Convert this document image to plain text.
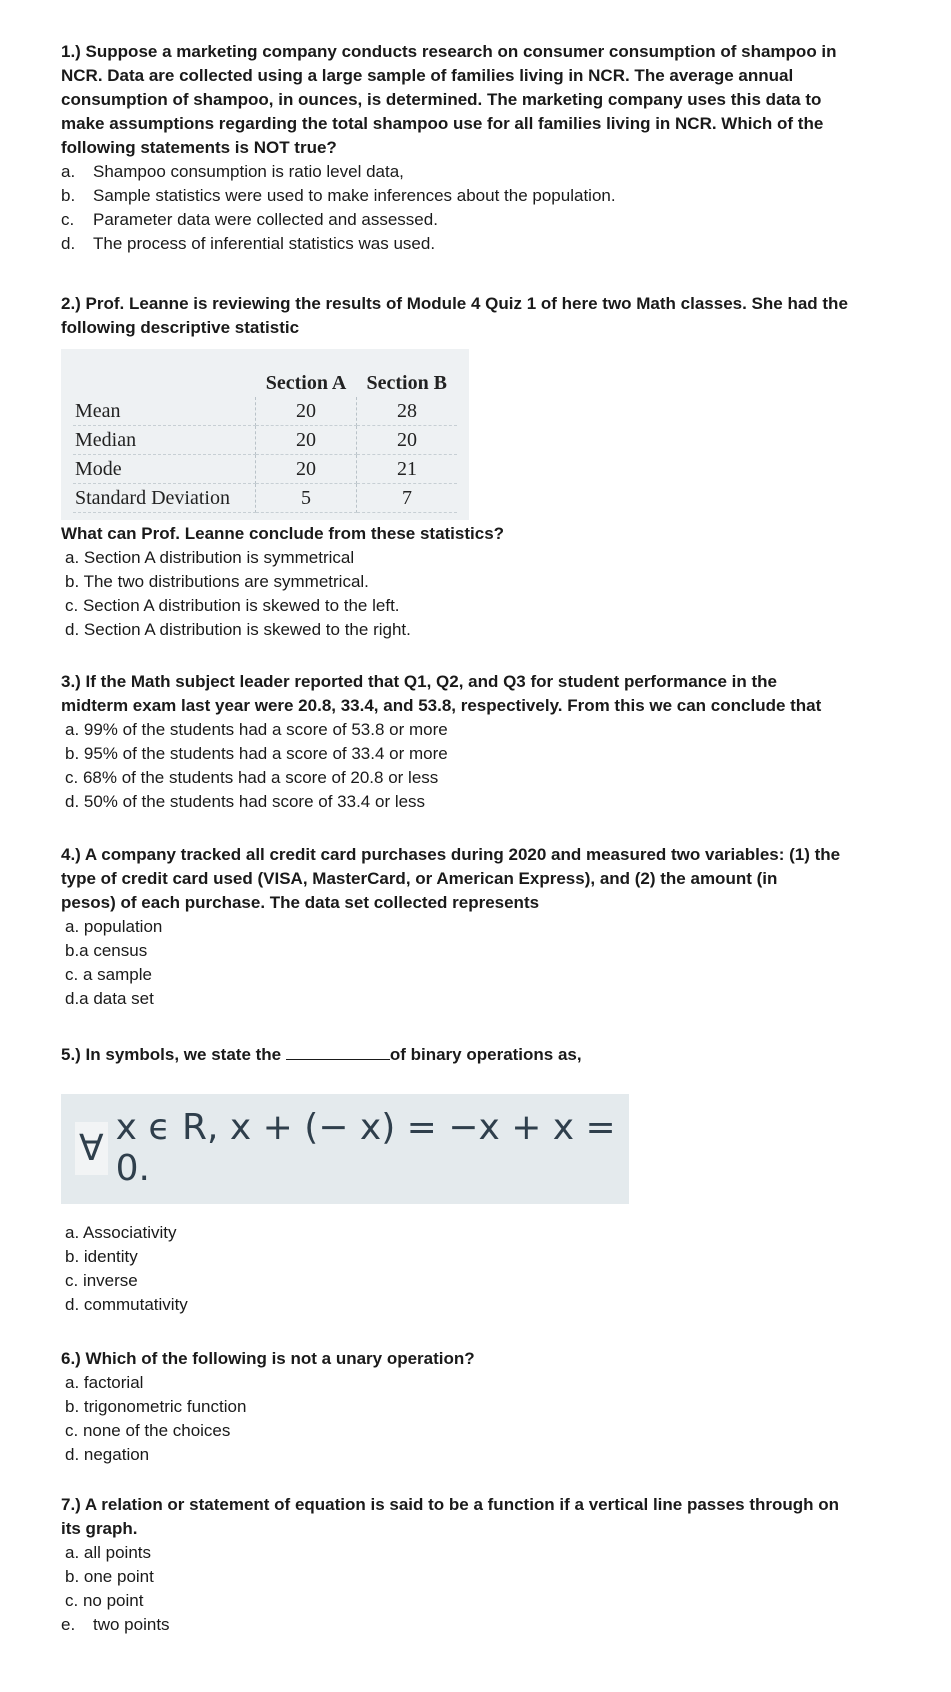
1.) Suppose a marketing company conducts research on consumer consumption of shampoo in
NCR. Data are collected using a large sample of families living in NCR. The average annual
consumption of shampoo, in ounces, is determined. The marketing company uses this data to
make assumptions regarding the total shampoo use for all families living in NCR. Which of the
following statements is NOT true?

a. Shampoo consumption is ratio level data,
b. Sample statistics were used to make inferences about the population.
c. Parameter data were collected and assessed.
d. The process of inferential statistics was used.

2.) Prof. Leanne is reviewing the results of Module 4 Quiz 1 of here two Math classes. She had the
following descriptive statistic

	Section A	Section B
Mean	20	28
Median	20	20
Mode	20	21
Standard Deviation	5	7

What can Prof. Leanne conclude from these statistics?

a. Section A distribution is symmetrical
b. The two distributions are symmetrical.
c. Section A distribution is skewed to the left.
d. Section A distribution is skewed to the right.

3.) If the Math subject leader reported that Q1, Q2, and Q3 for student performance in the
midterm exam last year were 20.8, 33.4, and 53.8, respectively. From this we can conclude that

a. 99% of the students had a score of 53.8 or more
b. 95% of the students had a score of 33.4 or more
c. 68% of the students had a score of 20.8 or less
d. 50% of the students had score of 33.4 or less

4.) A company tracked all credit card purchases during 2020 and measured two variables: (1) the
type of credit card used (VISA, MasterCard, or American Express), and (2) the amount (in
pesos) of each purchase. The data set collected represents

a. population
b.a census
c. a sample
d.a data set

5.) In symbols, we state the	of binary operations as,

∀ x ϵ R, x + (− x) = −x + x = 0.
a. Associativity
b. identity
c. inverse
d. commutativity

6.) Which of the following is not a unary operation?

a. factorial
b. trigonometric function
c. none of the choices
d. negation

7.) A relation or statement of equation is said to be a function if a vertical line passes through on
its graph.

a. all points
b. one point
c. no point
e. two points
